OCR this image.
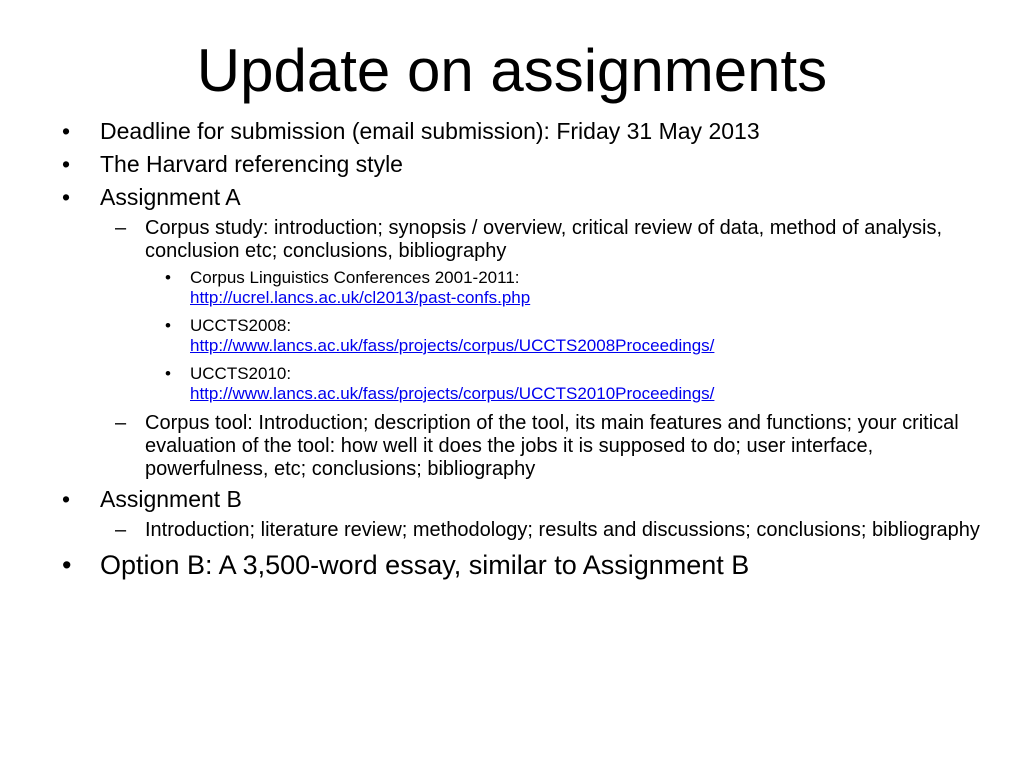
Update on assignments
• Deadline for submission (email submission): Friday 31 May 2013
• The Harvard referencing style
• Assignment A
– Corpus study: introduction; synopsis / overview, critical review of data, method of analysis, conclusion etc; conclusions, bibliography
• Corpus Linguistics Conferences 2001-2011:
http://ucrel.lancs.ac.uk/cl2013/past-confs.php
• UCCTS2008:
http://www.lancs.ac.uk/fass/projects/corpus/UCCTS2008Proceedings/
• UCCTS2010:
http://www.lancs.ac.uk/fass/projects/corpus/UCCTS2010Proceedings/
– Corpus tool: Introduction; description of the tool, its main features and functions; your critical evaluation of the tool: how well it does the jobs it is supposed to do; user interface, powerfulness, etc; conclusions; bibliography
• Assignment B
– Introduction; literature review; methodology; results and discussions; conclusions; bibliography
• Option B: A 3,500-word essay, similar to Assignment B
